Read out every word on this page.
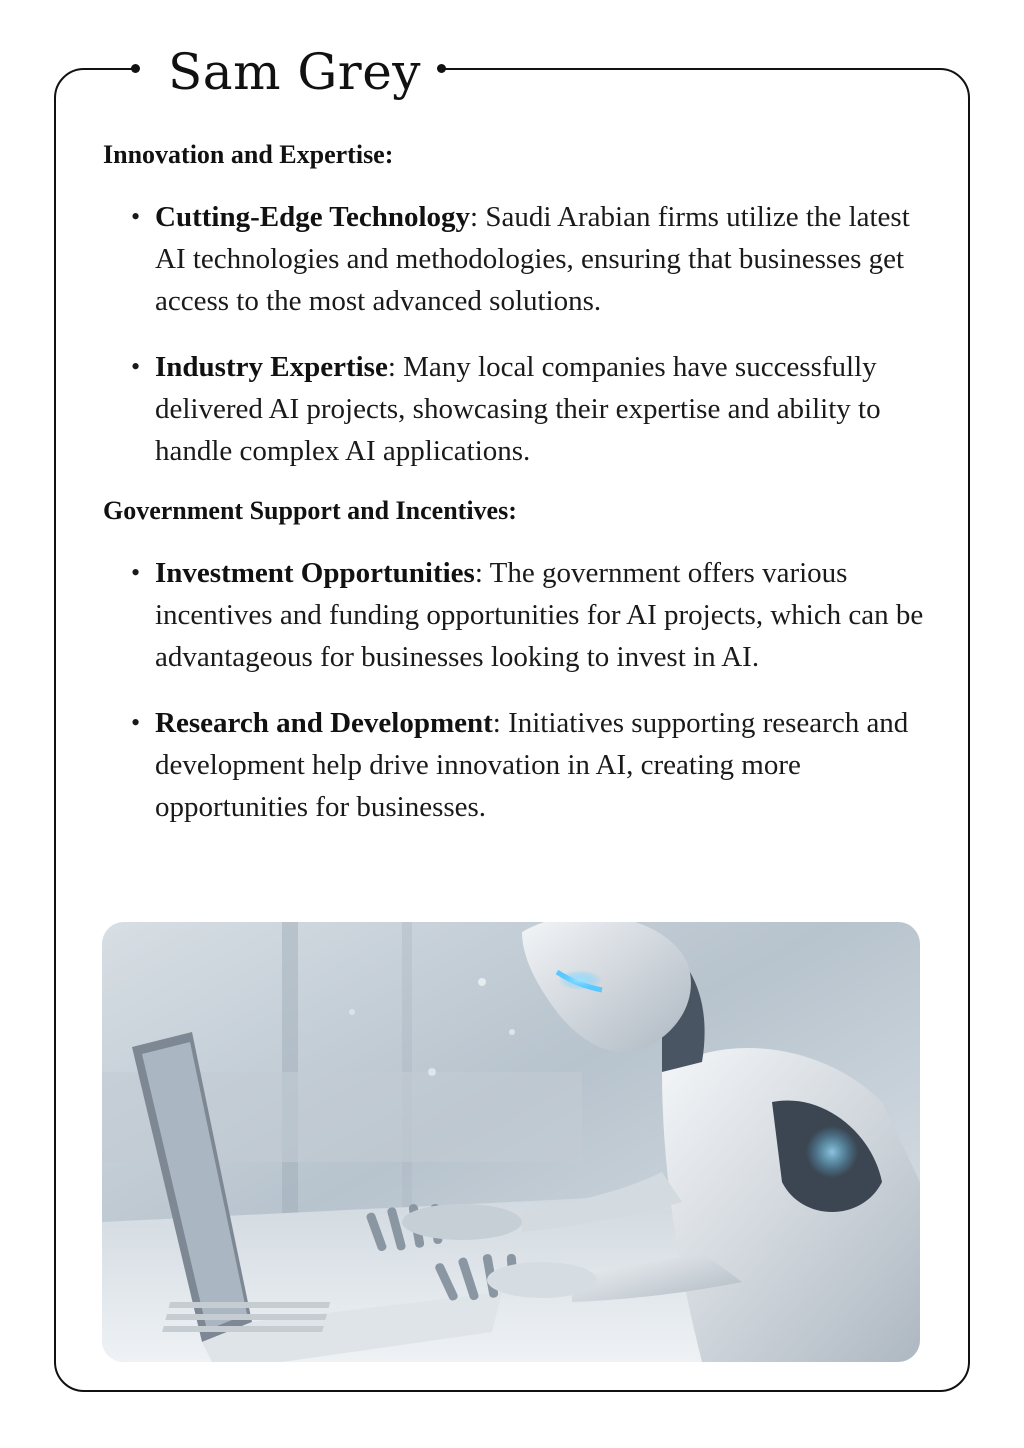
Sam Grey
Innovation and Expertise:
• Cutting-Edge Technology: Saudi Arabian firms utilize the latest AI technologies and methodologies, ensuring that businesses get access to the most advanced solutions.
• Industry Expertise: Many local companies have successfully delivered AI projects, showcasing their expertise and ability to handle complex AI applications.
Government Support and Incentives:
• Investment Opportunities: The government offers various incentives and funding opportunities for AI projects, which can be advantageous for businesses looking to invest in AI.
• Research and Development: Initiatives supporting research and development help drive innovation in AI, creating more opportunities for businesses.
